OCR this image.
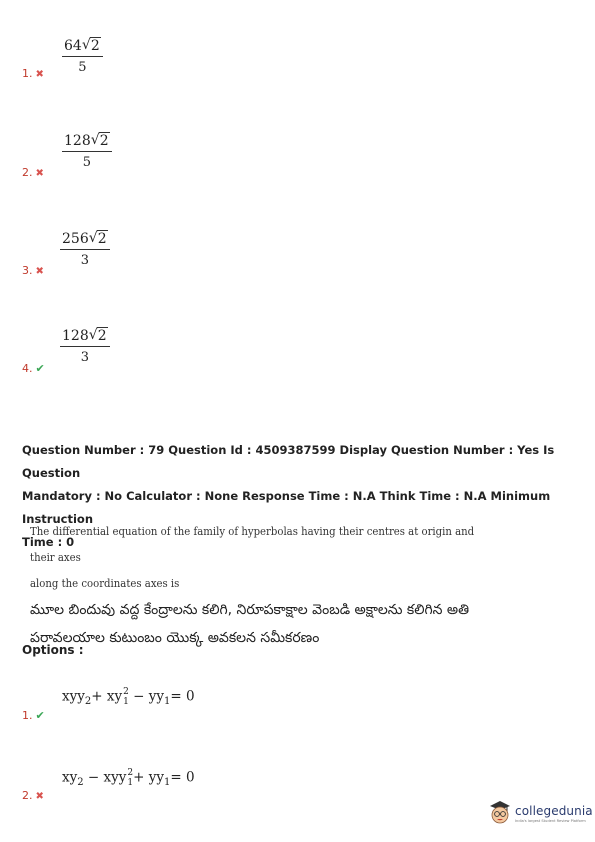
$\frac{64 √ 2}{5}$
1. ✖
$\frac{128 √ 2}{5}$
2. ✖
$\frac{256 √ 2}{3}$
3. ✖
$\frac{128 √ 2}{3}$
4. ✔
Question Number : 79 Question Id : 4509387599 Display Question Number : Yes Is Question
Mandatory : No Calculator : None Response Time : N.A Think Time : N.A Minimum Instruction
Time : 0
The differential equation of the family of hyperbolas having their centres at origin and their axes
along the coordinates axes is
మూల బిందువు వద్ద కేంద్రాలను కలిగి, నిరూపకాక్షాల వెంబడి అక్షాలను కలిగిన అతి
పరావలయాల కుటుంబం యొక్క అవకలన సమీకరణం
Options :
xyy$_2$+ xy 2
$1 - yy_1= 0$
1. ✔
$xy_2$ − xyy 2
$1 + yy_1= 0$
2. ✖
collegedunia
India's largest Student Review Platform
